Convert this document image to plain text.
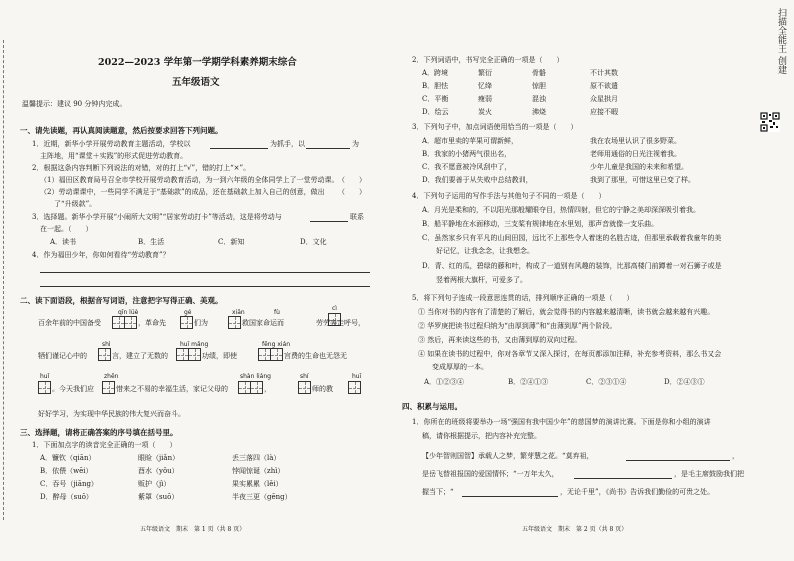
2022—2023 学年第一学期学科素养期末综合
五年级语文
温馨提示：建议 90 分钟内完成。
一、请先读题，再认真阅读题意，然后按要求回答下列问题。
1．近期，新华小学开展劳动教育主题活动，学校以	为抓手，以	为
主阵地，用“课堂＋实践”的形式促进劳动教育。
2．根据这条内容判断下列说法的对错，对的打上“√”，错的打上“×”。
（1）福田区教育局号召全市学校开展劳动教育活动，为一到六年级的全体同学上了一堂劳动课。 （　　）
（2）劳动课课中，一些同学不满足于“基础款”的成品，还在基础款上加入自己的创意，做出 （　　）
了“升级款”。
3．选择题。新华小学开展“小闹所大文明”“居家劳动打卡”等活动，这是将劳动与	联系
在一起。（　　）
A．读书	B．生活	C．新知	D．文化
4．作为福田少年，你如何看待“劳动教育”？
二、读下面语段，根据音写词语，注意把字写得正确、美观。
qīn lüè	gé	xiān	fù
cì
百余年前的中国备受	，革命先	们为	救国家命运而	劳劳奔走呼号，
shì	huī mǎng	fēng xián
牺们谨记心中的	言，建立了无数的	功绩，即使	宫费的生命也无怨无
huǐ	zhēn	shàn liáng	shí	huī
。今天我们应	惜来之不易的幸福生活，家记父母的	，	师的教
好好学习，为实现中华民族的伟大复兴而奋斗。
三、选择题，请将正确答案的序号填在括号里。
1．下面加点字的读音完全正确的一项（　　）
A．镰钦（qiān）	眼睑（jiǎn）	丢三落四（là）
B．依偎（wēi）	酉水（yǒu）	悖闻惊诞（zhì）
C．吞号（jiāng）	贩护（jì）	果实累累（lěi）
D．醉母（suō）	紫罩（suō）	半夜三更（gēng）
五年级语文　期末　第 1 页（共 8 页）
2．下列词语中，书写完全正确的一项是（　　）
A．跨境	繁衍	骨骼	不计其数
B．胆怯	忆绛	惊胆	原不欲遣
C．平衡	瘦弱	混浊	众星拱月
D．绘云	炭火	沸烧	应接不暇
3．下列句子中，加点词语使用恰当的一项是（　　）
A．超市里卖的苹果可谓新鲜，	我在农场里认识了很多野菜。
B．我家的小猪两气很出名，	老师用通俗的日光注视着我。
C．我不愿意被冷风刮中了，	少年儿童是我国的未来和希望。
D．我们要善于从失败中总结教训，	我到了那里，可惜这里已变了样。
4．下列句子运用的写作手法与其他句子不同的一项是（　　）
A．月光是柔和的，不以阳光那般耀眼夺目，热情四射，但它的宁静之美却深深吸引着我。
B．船平静地在水面移动，三支桨有规律地在水里划，那声音就像一支乐曲。
C．虽然家乡只有平凡的山间田园，远比不上那些令人着迷的名胜古迹，但那里承载着我童年的美
　　好记忆，让我念念，让我想念。
D．青、红的瓜，碧绿的藤和叶，构成了一道别有风趣的装饰，比那高楼门前蹲着一对石狮子或是
　　竖着两根大旗杆，可爱多了。
5．将下列句子连成一段意思连贯的话，排列顺序正确的一项是（　　）
① 当你对书的内容有了清楚的了解后，就会觉得书的内容越来越清晰，读书就会越来越有兴趣。
② 华罗庚把读书过程归纳为“由厚到薄”和“由薄到厚”两个阶段。
③ 然后，再来读这些的书，又由薄到厚的双向过程。
④ 如果在读书的过程中，你对各章节又深入探讨，在每页都添加注释，补充参考资料，那么书又会
　　变成厚厚的一本。
A．①②③④	B．②④①③	C．②③①④	D．②④③①
四、积累与运用。
1．你所在的班级将要举办一场“强国有我中国少年”的慈国梦的演讲比赛。下面是你和小组的演讲
稿，请你根据提示，把内容补充完整。
【少年智则国智】承载人之梦，繁芽慧之花。“莫弃祖，	，
是岳飞替祖报国的爱国情怀；“一万年太久，	，是毛主席鼓励我们把
握当下；“	，无论千里”，《尚书》告诉我们勤俭的可贵之处。
五年级语文　期末　第 2 页（共 8 页）
扫描全能王 创建
